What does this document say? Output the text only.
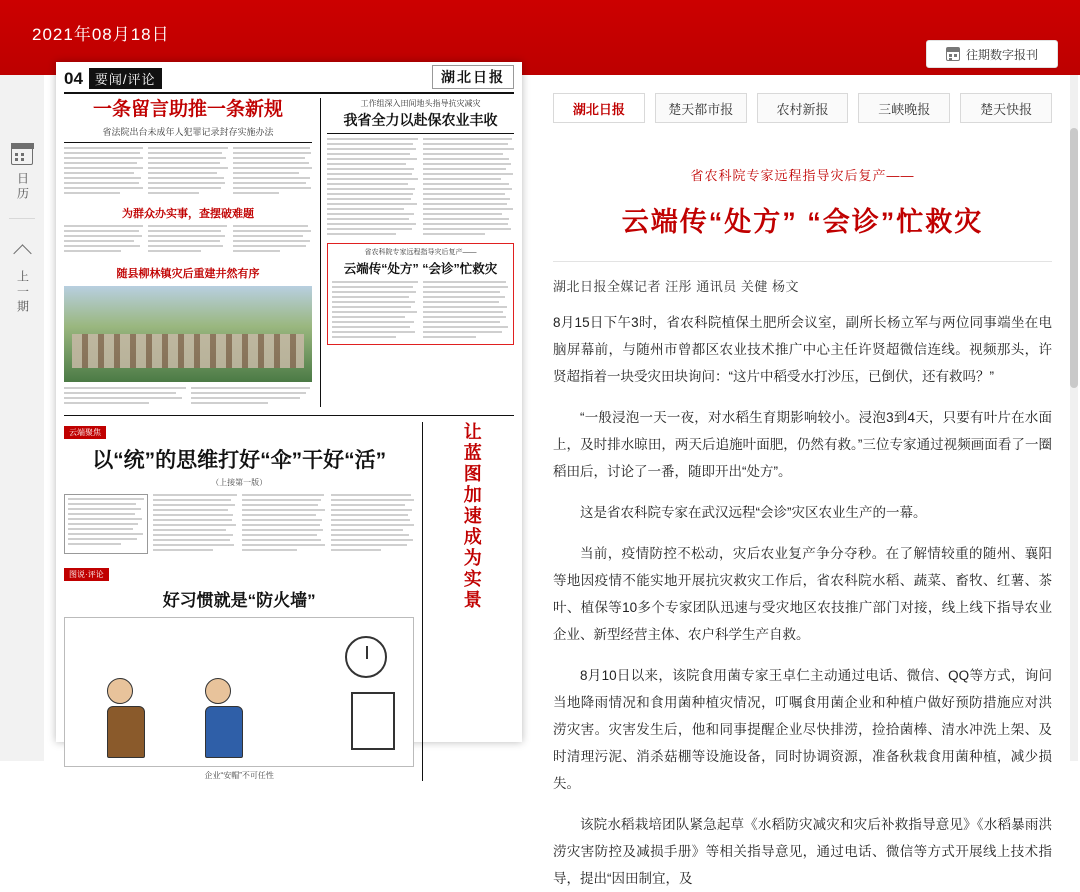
2021年08月18日
往期数字报刊
日历
上一期
04 要闻/评论	湖北日报
一条留言助推一条新规
省法院出台未成年人犯罪记录封存实施办法
为群众办实事，查摆破难题
随县柳林镇灾后重建井然有序
工作组深入田间地头指导抗灾减灾
我省全力以赴保农业丰收
省农科院专家远程指导灾后复产——
云端传“处方” “会诊”忙救灾
云端聚焦
以“统”的思维打好“伞”干好“活”
（上接第一版）
图说·评论
好习惯就是“防火墙”
企业“安帽”不可任性
让蓝图加速成为实景
湖北日报	楚天都市报	农村新报	三峡晚报	楚天快报
省农科院专家远程指导灾后复产——
云端传“处方” “会诊”忙救灾
湖北日报全媒记者 汪彤 通讯员 关健 杨文
8月15日下午3时，省农科院植保土肥所会议室，副所长杨立军与两位同事端坐在电脑屏幕前，与随州市曾都区农业技术推广中心主任许贤超微信连线。视频那头，许贤超指着一块受灾田块询问：“这片中稻受水打沙压，已倒伏，还有救吗？”
“一般浸泡一天一夜，对水稻生育期影响较小。浸泡3到4天，只要有叶片在水面上，及时排水晾田，两天后追施叶面肥，仍然有救。”三位专家通过视频画面看了一圈稻田后，讨论了一番，随即开出“处方”。
这是省农科院专家在武汉远程“会诊”灾区农业生产的一幕。
当前，疫情防控不松动，灾后农业复产争分夺秒。在了解情较重的随州、襄阳等地因疫情不能实地开展抗灾救灾工作后，省农科院水稻、蔬菜、畜牧、红薯、茶叶、植保等10多个专家团队迅速与受灾地区农技推广部门对接，线上线下指导农业企业、新型经营主体、农户科学生产自救。
8月10日以来，该院食用菌专家王卓仁主动通过电话、微信、QQ等方式，询问当地降雨情况和食用菌种植灾情况，叮嘱食用菌企业和种植户做好预防措施应对洪涝灾害。灾害发生后，他和同事提醒企业尽快排涝，捡拾菌棒、清水冲洗上架、及时清理污泥、消杀菇棚等设施设备，同时协调资源，准备秋栽食用菌种植，减少损失。
该院水稻栽培团队紧急起草《水稻防灾减灾和灾后补救指导意见》《水稻暴雨洪涝灾害防控及减损手册》等相关指导意见，通过电话、微信等方式开展线上技术指导，提出“因田制宜，及
